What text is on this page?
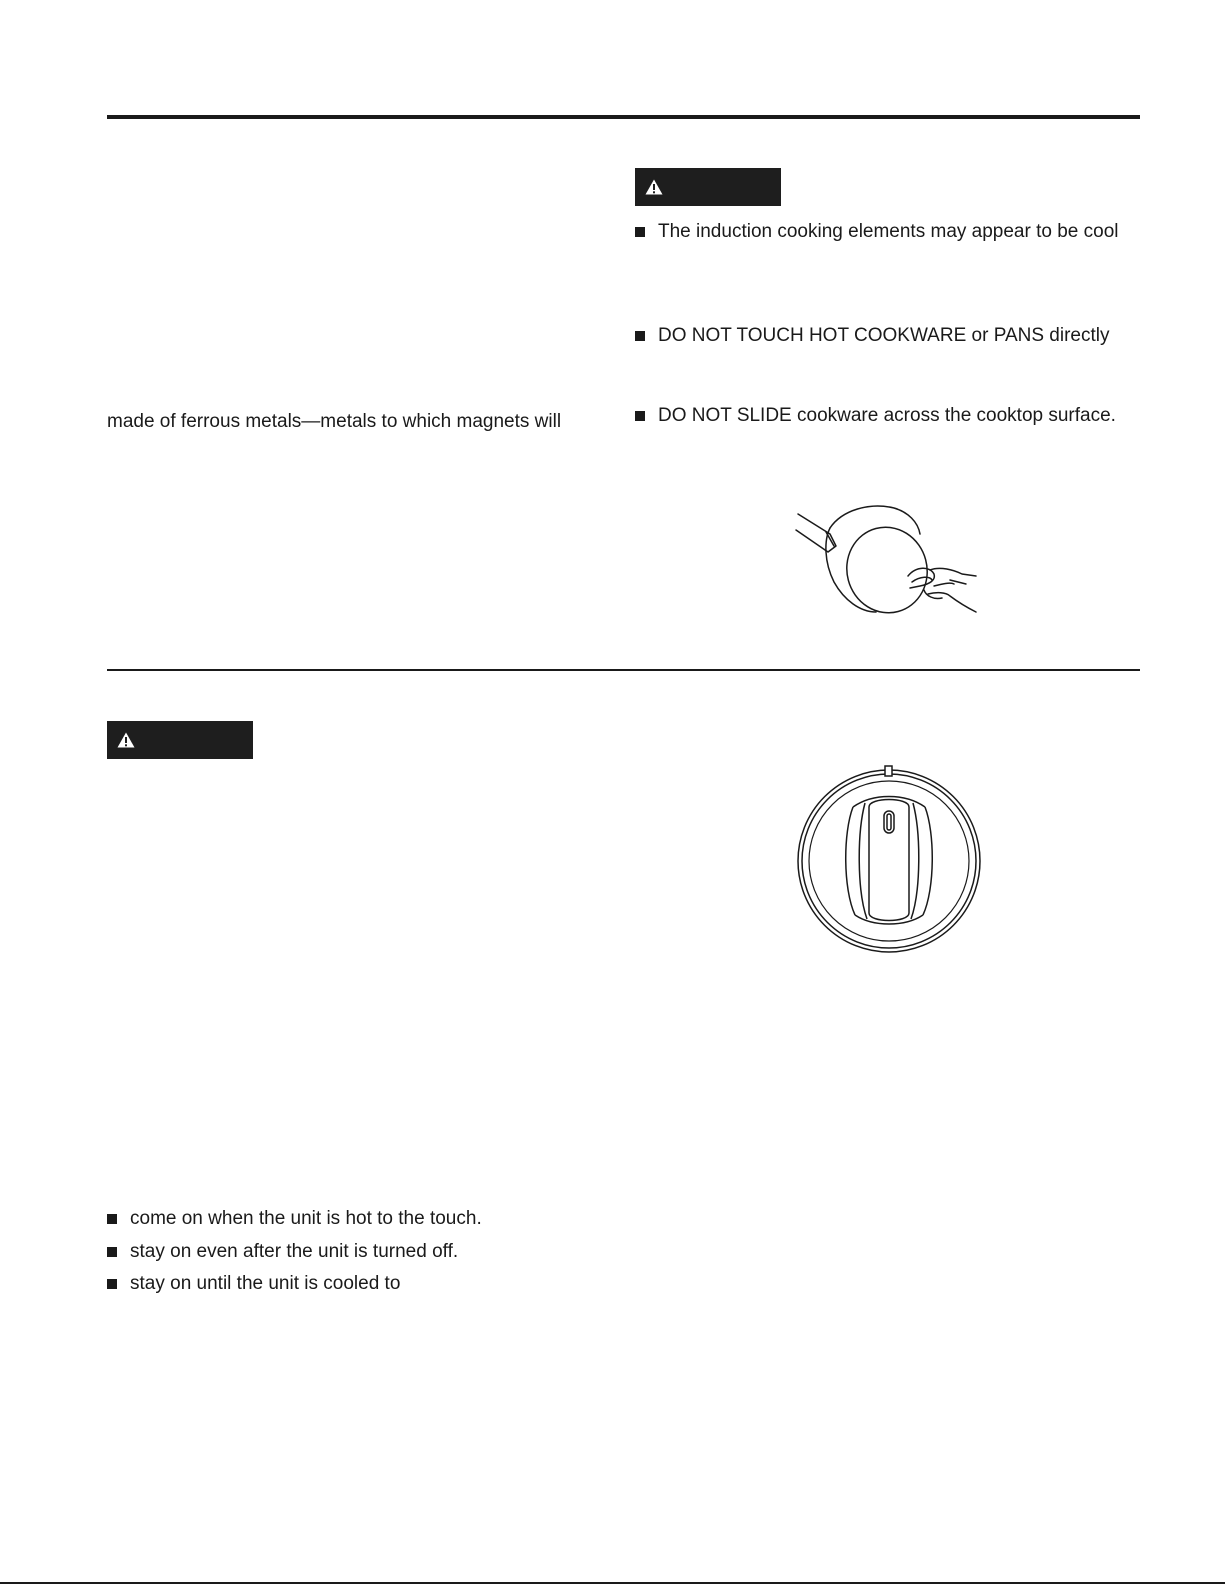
The induction cooking elements may appear to be cool
DO NOT TOUCH HOT COOKWARE or PANS directly
DO NOT SLIDE cookware across the cooktop surface.
made of ferrous metals—metals to which magnets will
come on when the unit is hot to the touch.
stay on even after the unit is turned off.
stay on until the unit is cooled to
